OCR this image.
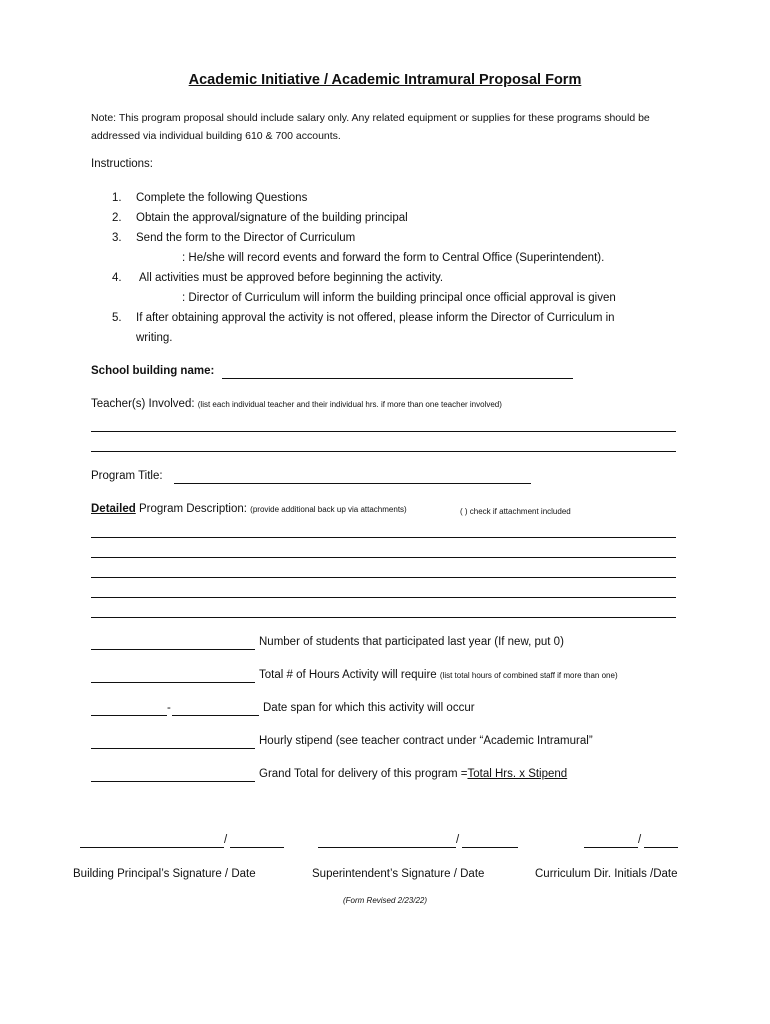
Academic Initiative / Academic Intramural Proposal Form
Note: This program proposal should include salary only. Any related equipment or supplies for these programs should be addressed via individual building 610 & 700 accounts.
Instructions:
1. Complete the following Questions
2. Obtain the approval/signature of the building principal
3. Send the form to the Director of Curriculum
: He/she will record events and forward the form to Central Office (Superintendent).
4. All activities must be approved before beginning the activity.
: Director of Curriculum will inform the building principal once official approval is given
5. If after obtaining approval the activity is not offered, please inform the Director of Curriculum in
writing.
School building name:
Teacher(s) Involved: (list each individual teacher and their individual hrs. if more than one teacher involved)
Program Title:
Detailed Program Description: (provide additional back up via attachments)	( ) check if attachment included
Number of students that participated last year (If new, put 0)
Total # of Hours Activity will require (list total hours of combined staff if more than one)
-	Date span for which this activity will occur
Hourly stipend (see teacher contract under “Academic Intramural”
Grand Total for delivery of this program =Total Hrs. x Stipend
/	/	/
Building Principal’s Signature / Date	Superintendent’s Signature / Date	Curriculum Dir. Initials /Date
(Form Revised 2/23/22)
